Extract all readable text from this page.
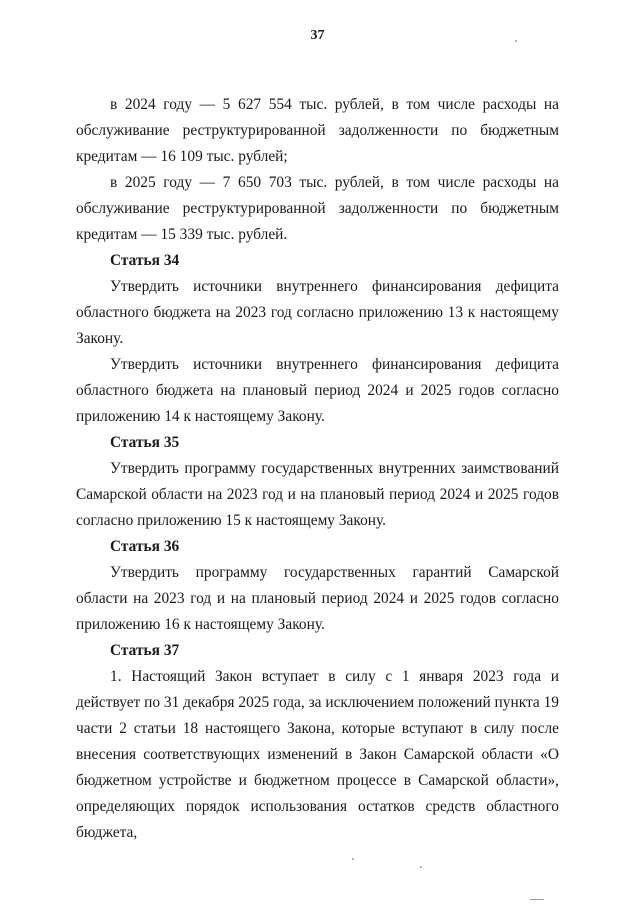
37

в 2024 году — 5 627 554 тыс. рублей, в том числе расходы на обслуживание реструктурированной задолженности по бюджетным кредитам — 16 109 тыс. рублей;

в 2025 году — 7 650 703 тыс. рублей, в том числе расходы на обслуживание реструктурированной задолженности по бюджетным кредитам — 15 339 тыс. рублей.

Статья 34

Утвердить источники внутреннего финансирования дефицита областного бюджета на 2023 год согласно приложению 13 к настоящему Закону.

Утвердить источники внутреннего финансирования дефицита областного бюджета на плановый период 2024 и 2025 годов согласно приложению 14 к настоящему Закону.

Статья 35

Утвердить программу государственных внутренних заимствований Самарской области на 2023 год и на плановый период 2024 и 2025 годов согласно приложению 15 к настоящему Закону.

Статья 36

Утвердить программу государственных гарантий Самарской области на 2023 год и на плановый период 2024 и 2025 годов согласно приложению 16 к настоящему Закону.

Статья 37

1. Настоящий Закон вступает в силу с 1 января 2023 года и действует по 31 декабря 2025 года, за исключением положений пункта 19 части 2 статьи 18 настоящего Закона, которые вступают в силу после внесения соответствующих изменений в Закон Самарской области «О бюджетном устройстве и бюджетном процессе в Самарской области», определяющих порядок использования остатков средств областного бюджета,
